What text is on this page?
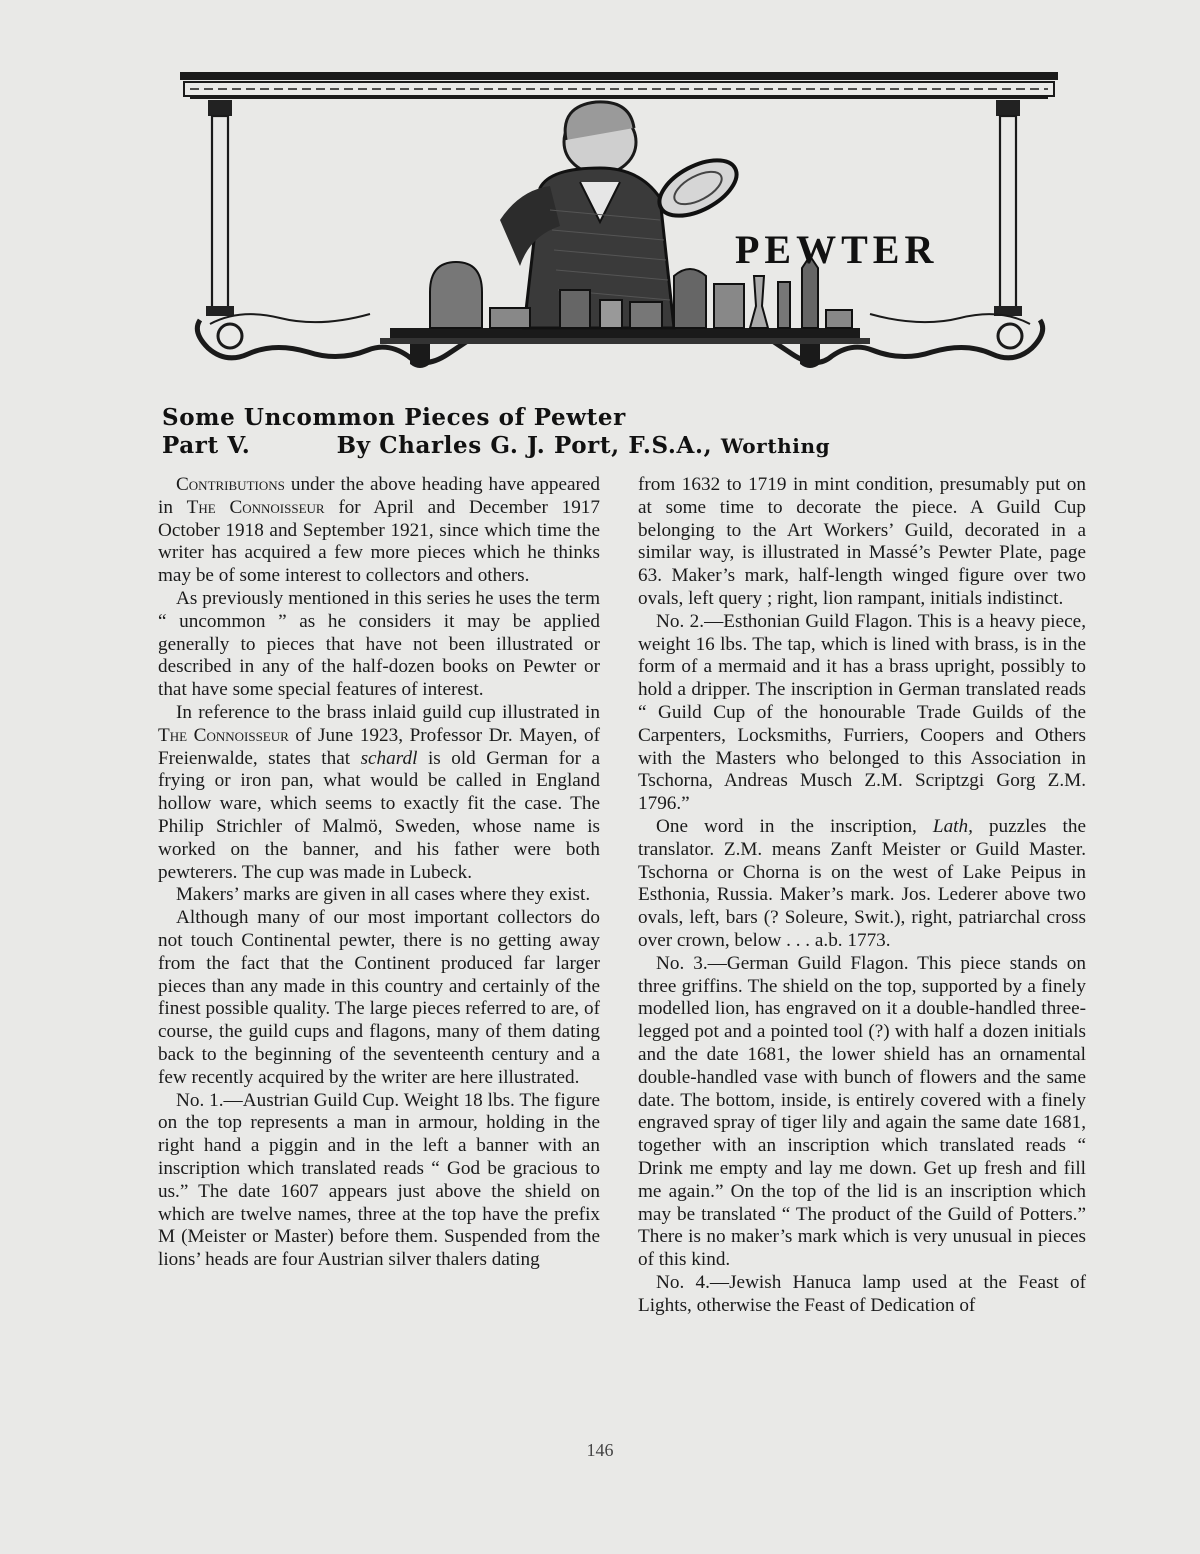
PEWTER
Some Uncommon Pieces of Pewter
Part V.	By Charles G. J. Port, F.S.A., Worthing

Contributions under the above heading have appeared in The Connoisseur for April and December 1917 October 1918 and September 1921, since which time the writer has acquired a few more pieces which he thinks may be of some interest to collectors and others.

As previously mentioned in this series he uses the term “ uncommon ” as he considers it may be applied generally to pieces that have not been illustrated or described in any of the half-dozen books on Pewter or that have some special features of interest.

In reference to the brass inlaid guild cup illustrated in The Connoisseur of June 1923, Professor Dr. Mayen, of Freienwalde, states that schardl is old German for a frying or iron pan, what would be called in England hollow ware, which seems to exactly fit the case. The Philip Strichler of Malmö, Sweden, whose name is worked on the banner, and his father were both pewterers. The cup was made in Lubeck.

Makers’ marks are given in all cases where they exist.

Although many of our most important collectors do not touch Continental pewter, there is no getting away from the fact that the Continent produced far larger pieces than any made in this country and certainly of the finest possible quality. The large pieces referred to are, of course, the guild cups and flagons, many of them dating back to the beginning of the seventeenth century and a few recently acquired by the writer are here illustrated.

No. 1.—Austrian Guild Cup. Weight 18 lbs. The figure on the top represents a man in armour, holding in the right hand a piggin and in the left a banner with an inscription which translated reads “ God be gracious to us.” The date 1607 appears just above the shield on which are twelve names, three at the top have the prefix M (Meister or Master) before them. Suspended from the lions’ heads are four Austrian silver thalers dating

from 1632 to 1719 in mint condition, presumably put on at some time to decorate the piece. A Guild Cup belonging to the Art Workers’ Guild, decorated in a similar way, is illustrated in Massé’s Pewter Plate, page 63. Maker’s mark, half-length winged figure over two ovals, left query ; right, lion rampant, initials indistinct.

No. 2.—Esthonian Guild Flagon. This is a heavy piece, weight 16 lbs. The tap, which is lined with brass, is in the form of a mermaid and it has a brass upright, possibly to hold a dripper. The inscription in German translated reads “ Guild Cup of the honourable Trade Guilds of the Carpenters, Locksmiths, Furriers, Coopers and Others with the Masters who belonged to this Association in Tschorna, Andreas Musch Z.M. Scriptzgi Gorg Z.M. 1796.”

One word in the inscription, Lath, puzzles the translator. Z.M. means Zanft Meister or Guild Master. Tschorna or Chorna is on the west of Lake Peipus in Esthonia, Russia. Maker’s mark. Jos. Lederer above two ovals, left, bars (? Soleure, Swit.), right, patriarchal cross over crown, below . . . a.b. 1773.

No. 3.—German Guild Flagon. This piece stands on three griffins. The shield on the top, supported by a finely modelled lion, has engraved on it a double-handled three-legged pot and a pointed tool (?) with half a dozen initials and the date 1681, the lower shield has an ornamental double-handled vase with bunch of flowers and the same date. The bottom, inside, is entirely covered with a finely engraved spray of tiger lily and again the same date 1681, together with an inscription which translated reads “ Drink me empty and lay me down. Get up fresh and fill me again.” On the top of the lid is an inscription which may be translated “ The product of the Guild of Potters.” There is no maker’s mark which is very unusual in pieces of this kind.

No. 4.—Jewish Hanuca lamp used at the Feast of Lights, otherwise the Feast of Dedication of

146
